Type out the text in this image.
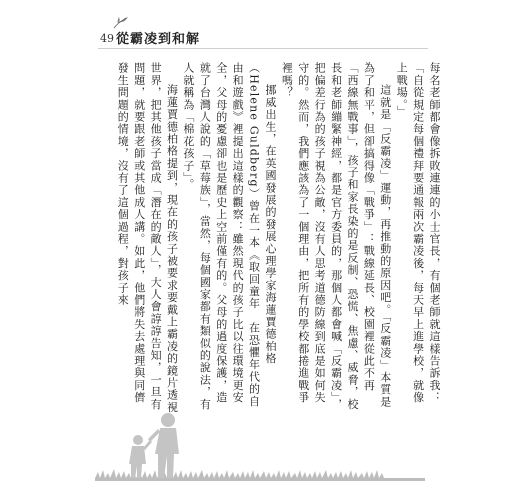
49 從霸凌到和解

每名老師都會像拆敗連連的小士官長，有個老師就這樣告訴我：「自從規定每個禮拜要通報兩次霸凌後，每天早上進學校，就像上戰場。」

這就是「反霸凌」運動，再推動的原因吧。「反霸凌」本質是為了和平，但卻搞得像「戰爭」：戰線延長、校園裡從此不再「西線無戰事」，孩子和家長染的是反制、恐慌、焦慮、威脅，校長和老師繃緊神經，都是官方委員的，那個人都會喊「反霸凌」，把偏差行為的孩子視為公敵，沒有人思考道德防線到底是如何失守的。然而，我們應該為了一個理由，把所有的學校都捲進戰爭裡嗎？

挪威出生，在英國發展的發展心理學家海蓮賈德柏格（Helene Guldberg）曾在一本《取回童年　在恐懼年代的自由和遊戲》裡提出這樣的觀察：雖然現代的孩子比以往環境更安全，父母的憂慮卻也是歷史上空前僅有的。父母的過度保護，造就了台灣人說的「草莓族」，當然，每個國家都有類似的說法，有人就稱為「棉花孩子」。

海蓮賈德柏格提到，現在的孩子被要求要戴上霸凌的鏡片透視世界，把其他孩子當成「潛在的敵人」，大人會諄諄告知，一旦有問題，就要跟老師或其他成人講。如此，他們將失去處理與同儕發生問題的情境，沒有了這個過程，對孩子來
